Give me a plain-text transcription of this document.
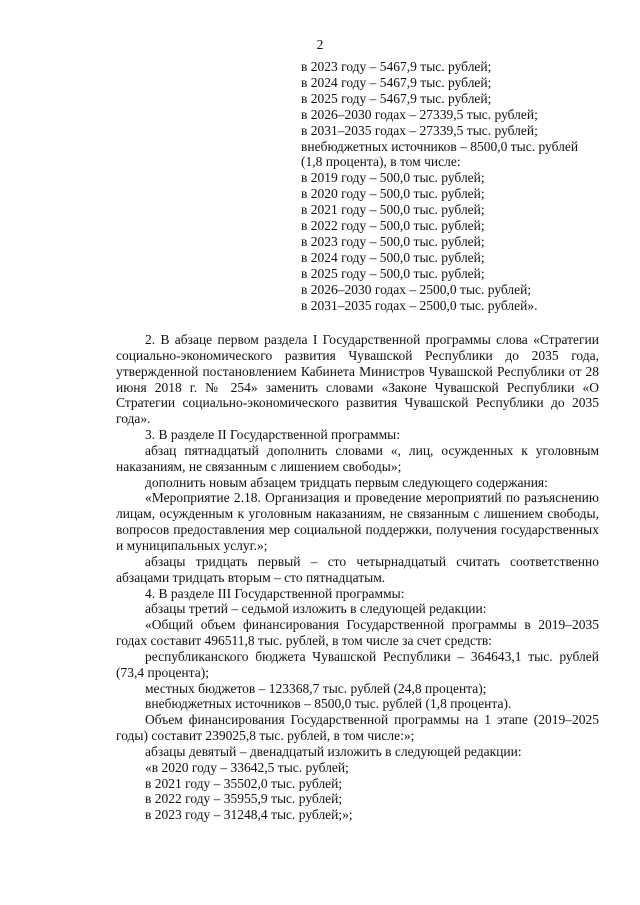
2
в 2023 году – 5467,9 тыс. рублей;
в 2024 году – 5467,9 тыс. рублей;
в 2025 году – 5467,9 тыс. рублей;
в 2026–2030 годах – 27339,5 тыс. рублей;
в 2031–2035 годах – 27339,5 тыс. рублей;
внебюджетных источников – 8500,0 тыс. рублей (1,8 процента), в том числе:
в 2019 году – 500,0 тыс. рублей;
в 2020 году – 500,0 тыс. рублей;
в 2021 году – 500,0 тыс. рублей;
в 2022 году – 500,0 тыс. рублей;
в 2023 году – 500,0 тыс. рублей;
в 2024 году – 500,0 тыс. рублей;
в 2025 году – 500,0 тыс. рублей;
в 2026–2030 годах – 2500,0 тыс. рублей;
в 2031–2035 годах – 2500,0 тыс. рублей».

2. В абзаце первом раздела I Государственной программы слова «Стратегии социально-экономического развития Чувашской Республики до 2035 года, утвержденной постановлением Кабинета Министров Чувашской Республики от 28 июня 2018 г. № 254» заменить словами «Законе Чувашской Республики «О Стратегии социально-экономического развития Чувашской Республики до 2035 года».

3. В разделе II Государственной программы:

абзац пятнадцатый дополнить словами «, лиц, осужденных к уголовным наказаниям, не связанным с лишением свободы»;

дополнить новым абзацем тридцать первым следующего содержания:

«Мероприятие 2.18. Организация и проведение мероприятий по разъяснению лицам, осужденным к уголовным наказаниям, не связанным с лишением свободы, вопросов предоставления мер социальной поддержки, получения государственных и муниципальных услуг.»;

абзацы тридцать первый – сто четырнадцатый считать соответственно абзацами тридцать вторым – сто пятнадцатым.

4. В разделе III Государственной программы:

абзацы третий – седьмой изложить в следующей редакции:

«Общий объем финансирования Государственной программы в 2019–2035 годах составит 496511,8 тыс. рублей, в том числе за счет средств:

республиканского бюджета Чувашской Республики – 364643,1 тыс. рублей (73,4 процента);

местных бюджетов – 123368,7 тыс. рублей (24,8 процента);

внебюджетных источников – 8500,0 тыс. рублей (1,8 процента).

Объем финансирования Государственной программы на 1 этапе (2019–2025 годы) составит 239025,8 тыс. рублей, в том числе:»;

абзацы девятый – двенадцатый изложить в следующей редакции:

«в 2020 году – 33642,5 тыс. рублей;

в 2021 году – 35502,0 тыс. рублей;

в 2022 году – 35955,9 тыс. рублей;

в 2023 году – 31248,4 тыс. рублей;»;
